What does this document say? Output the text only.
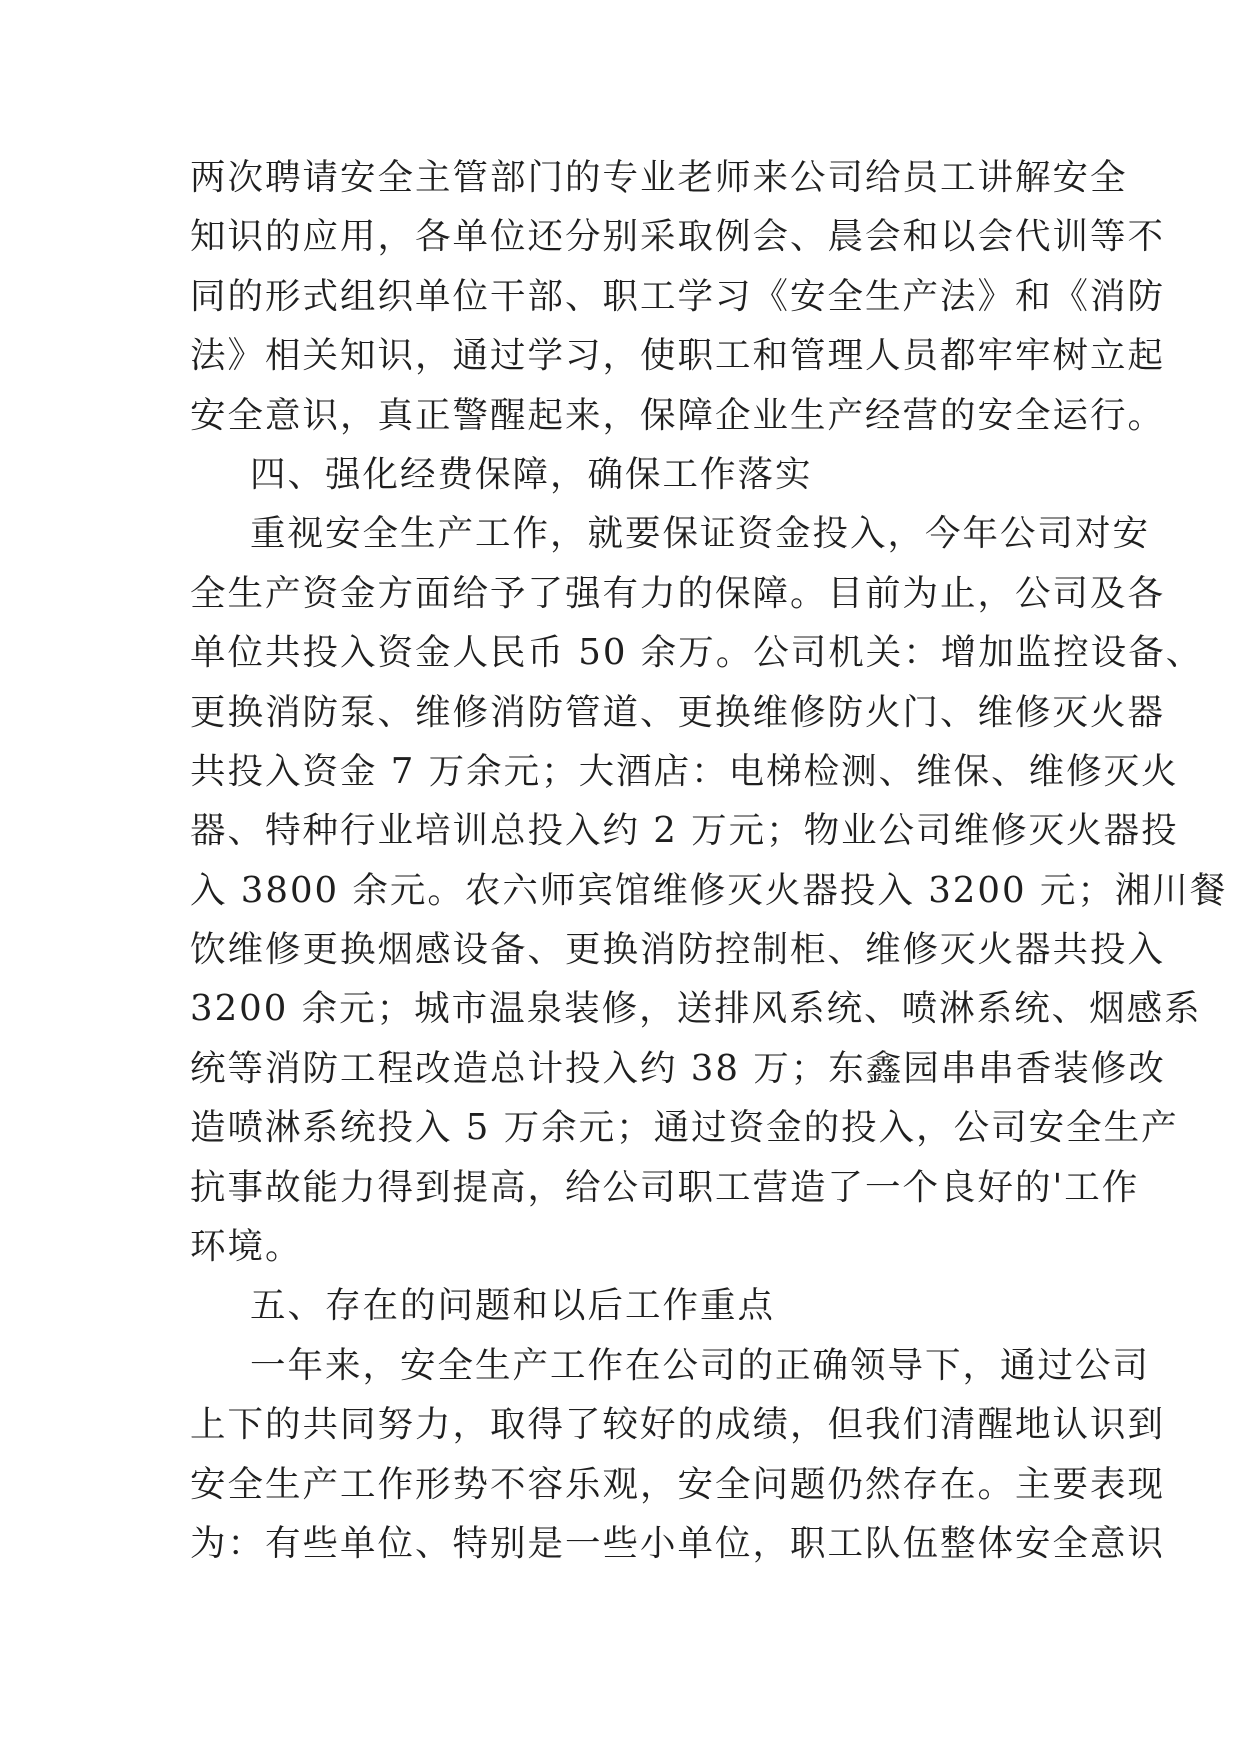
两次聘请安全主管部门的专业老师来公司给员工讲解安全
知识的应用，各单位还分别采取例会、晨会和以会代训等不
同的形式组织单位干部、职工学习《安全生产法》和《消防
法》相关知识，通过学习，使职工和管理人员都牢牢树立起
安全意识，真正警醒起来，保障企业生产经营的安全运行。
四、强化经费保障，确保工作落实
重视安全生产工作，就要保证资金投入，今年公司对安
全生产资金方面给予了强有力的保障。目前为止，公司及各
单位共投入资金人民币 50 余万。公司机关：增加监控设备、
更换消防泵、维修消防管道、更换维修防火门、维修灭火器
共投入资金 7 万余元；大酒店：电梯检测、维保、维修灭火
器、特种行业培训总投入约 2 万元；物业公司维修灭火器投
入 3800 余元。农六师宾馆维修灭火器投入 3200 元；湘川餐
饮维修更换烟感设备、更换消防控制柜、维修灭火器共投入
3200 余元；城市温泉装修，送排风系统、喷淋系统、烟感系
统等消防工程改造总计投入约 38 万；东鑫园串串香装修改
造喷淋系统投入 5 万余元；通过资金的投入，公司安全生产
抗事故能力得到提高，给公司职工营造了一个良好的'工作
环境。
五、存在的问题和以后工作重点
一年来，安全生产工作在公司的正确领导下，通过公司
上下的共同努力，取得了较好的成绩，但我们清醒地认识到
安全生产工作形势不容乐观，安全问题仍然存在。主要表现
为：有些单位、特别是一些小单位，职工队伍整体安全意识
